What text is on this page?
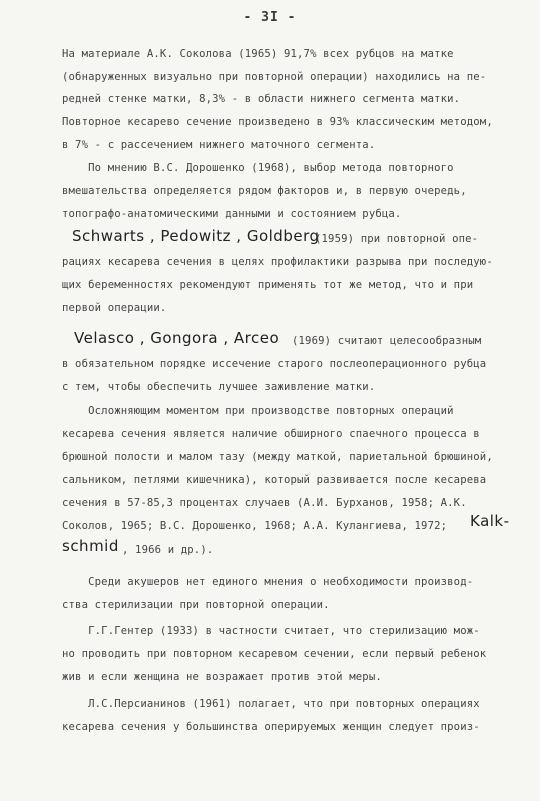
- 3I -
На материале А.К. Соколова (1965) 91,7% всех рубцов на матке
(обнаруженных визуально при повторной операции) находились на пе-
редней стенке матки, 8,3% - в области нижнего сегмента матки.
Повторное кесарево сечение произведено в 93% классическим методом,
в 7% - с рассечением нижнего маточного сегмента.
По мнению В.С. Дорошенко (1968), выбор метода повторного
вмешательства определяется рядом факторов и, в первую очередь,
топографо-анатомическими данными и состоянием рубца.
Schwarts , Pedowitz , Goldberg
(1959) при повторной опе-
рациях кесарева сечения в целях профилактики разрыва при последую-
щих беременностях рекомендуют применять тот же метод, что и при
первой операции.
Velasco , Gongora , Arceo (1969) считают целесообразным
в обязательном порядке иссечение старого послеоперационного рубца
с тем, чтобы обеспечить лучшее заживление матки.
Осложняющим моментом при производстве повторных операций
кесарева сечения является наличие обширного спаечного процесса в
брюшной полости и малом тазу (между маткой, париетальной брюшиной,
сальником, петлями кишечника), который развивается после кесарева
сечения в 57-85,3 процентах случаев (А.И. Бурханов, 1958; А.К.
Соколов, 1965; В.С. Дорошенко, 1968; А.А. Кулангиева, 1972; Kalk-
schmid , 1966 и др.).
Среди акушеров нет единого мнения о необходимости производ-
ства стерилизации при повторной операции.
Г.Г.Гентер (1933) в частности считает, что стерилизацию мож-
но проводить при повторном кесаревом сечении, если первый ребенок
жив и если женщина не возражает против этой меры.
Л.С.Персианинов (1961) полагает, что при повторных операциях
кесарева сечения у большинства оперируемых женщин следует произ-
